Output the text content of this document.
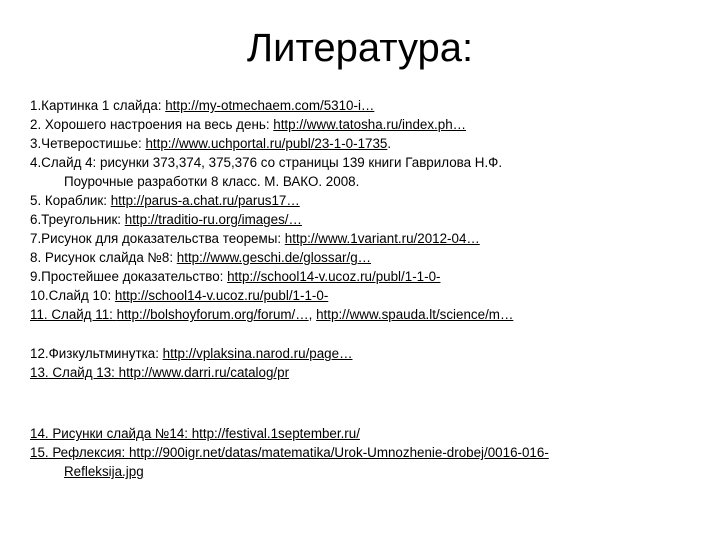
Литература:
1.Картинка 1 слайда: http://my-otmechaem.com/5310-i…
2. Хорошего настроения на весь день: http://www.tatosha.ru/index.ph…
3.Четверостишье: http://www.uchportal.ru/publ/23-1-0-1735.
4.Слайд 4: рисунки 373,374, 375,376 со страницы 139 книги Гаврилова Н.Ф.
Поурочные разработки 8 класс. М. ВАКО. 2008.
5. Кораблик: http://parus-a.chat.ru/parus17…
6.Треугольник: http://traditio-ru.org/images/…
7.Рисунок для доказательства теоремы: http://www.1variant.ru/2012-04…
8. Рисунок слайда №8: http://www.geschi.de/glossar/g…
9.Простейшее доказательство: http://school14-v.ucoz.ru/publ/1-1-0-
10.Слайд 10: http://school14-v.ucoz.ru/publ/1-1-0-
11. Слайд 11: http://bolshoyforum.org/forum/…, http://www.spauda.lt/science/m…
12.Физкультминутка: http://vplaksina.narod.ru/page…
13. Слайд 13: http://www.darri.ru/catalog/pr
14. Рисунки слайда №14: http://festival.1september.ru/
15. Рефлексия: http://900igr.net/datas/matematika/Urok-Umnozhenie-drobej/0016-016-
Refleksija.jpg
